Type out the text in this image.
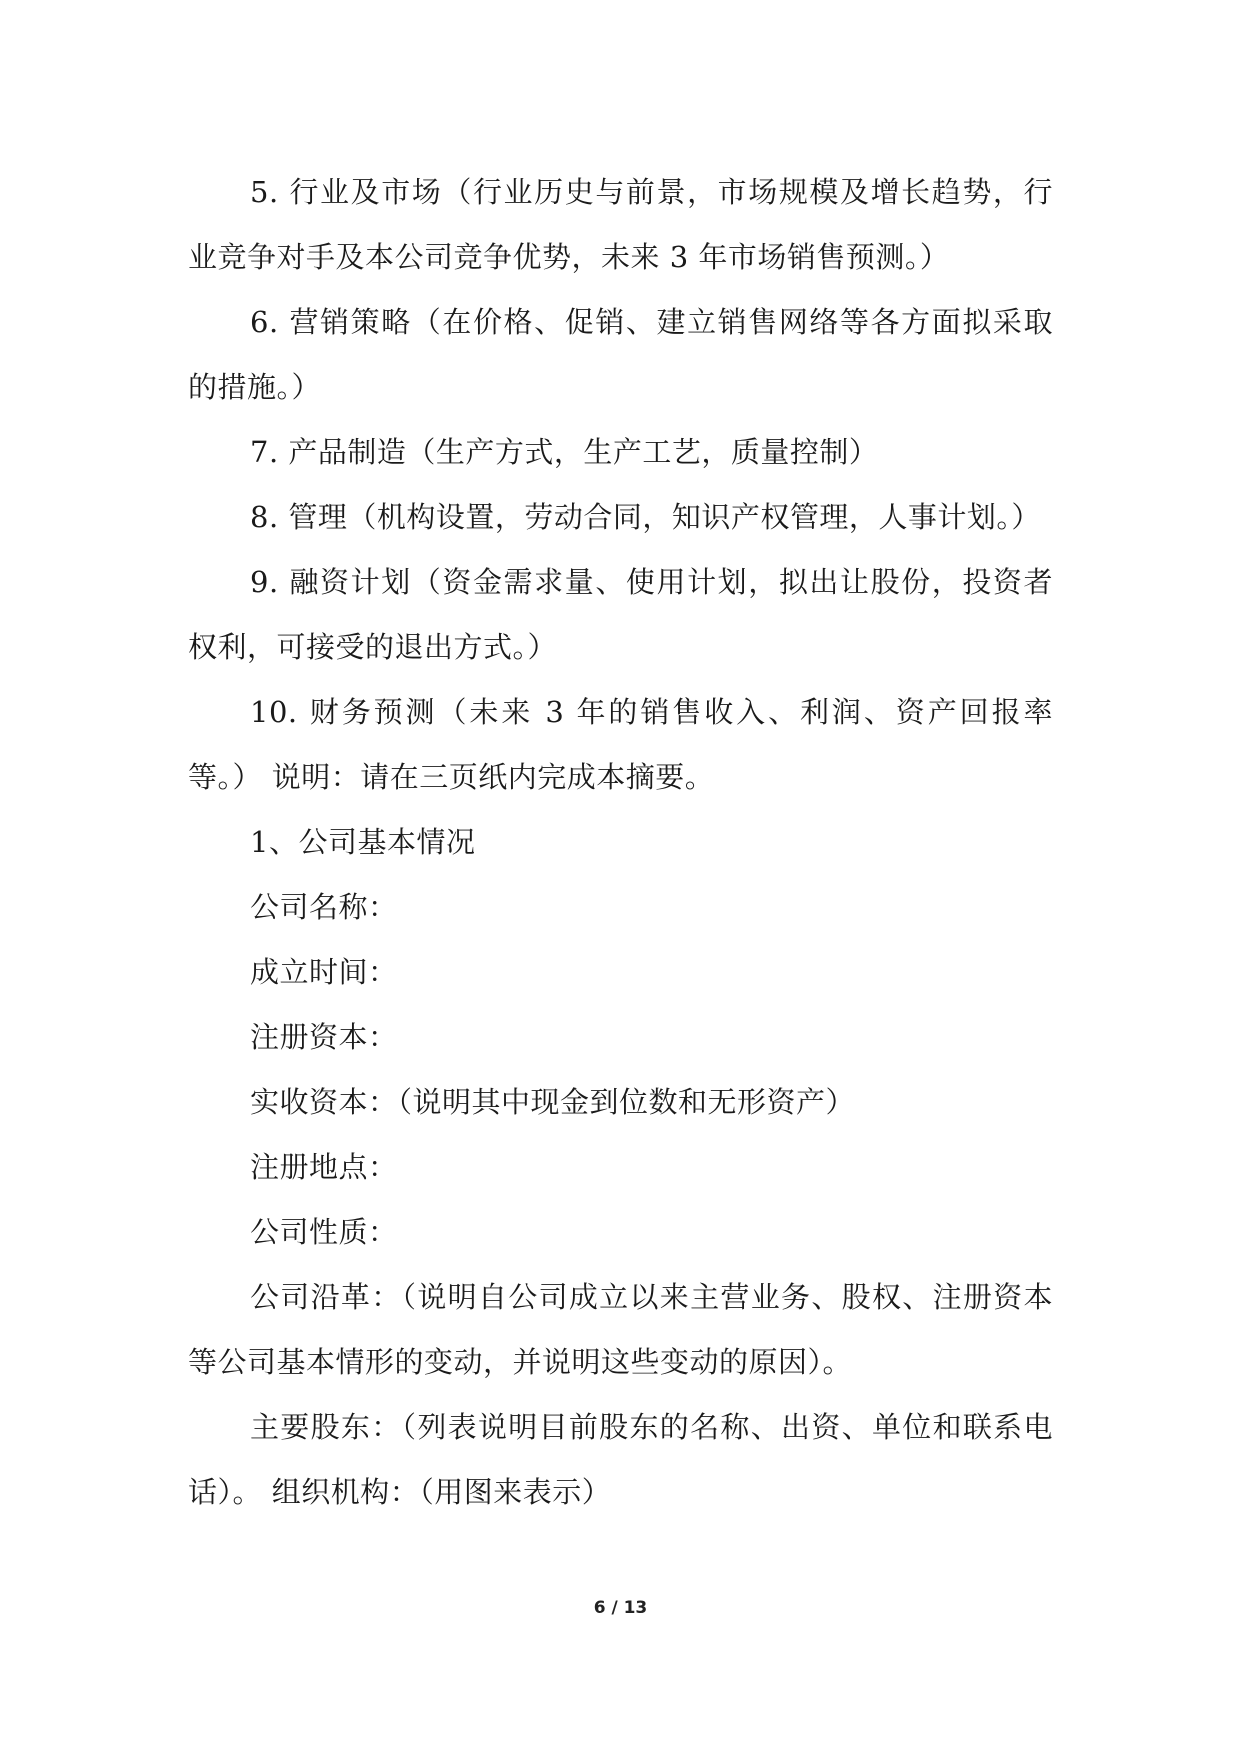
5. 行业及市场（行业历史与前景，市场规模及增长趋势，行业竞争对手及本公司竞争优势，未来 3 年市场销售预测。）

6. 营销策略（在价格、促销、建立销售网络等各方面拟采取的措施。）

7. 产品制造（生产方式，生产工艺，质量控制）

8. 管理（机构设置，劳动合同，知识产权管理，人事计划。）

9. 融资计划（资金需求量、使用计划，拟出让股份，投资者权利，可接受的退出方式。）

10. 财务预测（未来 3 年的销售收入、利润、资产回报率等。） 说明：请在三页纸内完成本摘要。

1、公司基本情况

公司名称：

成立时间：

注册资本：

实收资本：（说明其中现金到位数和无形资产）

注册地点：

公司性质：

公司沿革：（说明自公司成立以来主营业务、股权、注册资本等公司基本情形的变动，并说明这些变动的原因）。

主要股东：（列表说明目前股东的名称、出资、单位和联系电话）。 组织机构：（用图来表示）

6 / 13
